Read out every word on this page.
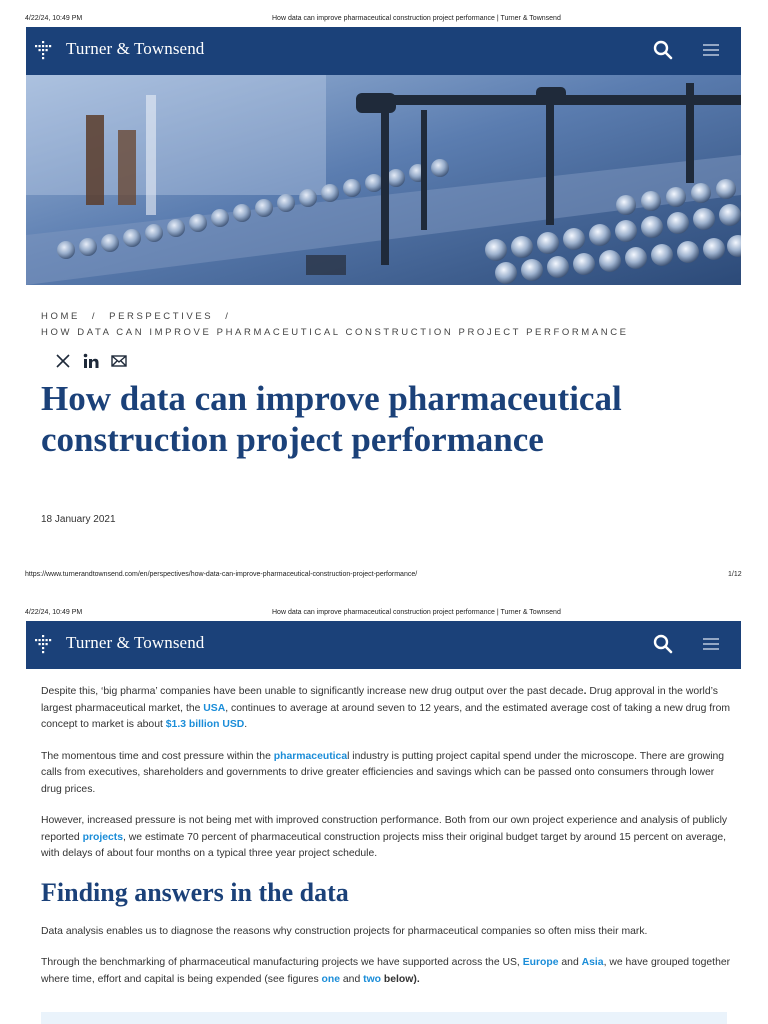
4/22/24, 10:49 PM	How data can improve pharmaceutical construction project performance | Turner & Townsend
Turner & Townsend
HOME / PERSPECTIVES /
HOW DATA CAN IMPROVE PHARMACEUTICAL CONSTRUCTION PROJECT PERFORMANCE
How data can improve pharmaceutical construction project performance
18 January 2021
https://www.turnerandtownsend.com/en/perspectives/how-data-can-improve-pharmaceutical-construction-project-performance/	1/12
4/22/24, 10:49 PM	How data can improve pharmaceutical construction project performance | Turner & Townsend
Turner & Townsend

Despite this, ‘big pharma’ companies have been unable to significantly increase new drug output over the past decade. Drug approval in the world’s largest pharmaceutical market, the USA, continues to average at around seven to 12 years, and the estimated average cost of taking a new drug from concept to market is about $1.3 billion USD.

The momentous time and cost pressure within the pharmaceutical industry is putting project capital spend under the microscope. There are growing calls from executives, shareholders and governments to drive greater efficiencies and savings which can be passed onto consumers through lower drug prices.

However, increased pressure is not being met with improved construction performance. Both from our own project experience and analysis of publicly reported projects, we estimate 70 percent of pharmaceutical construction projects miss their original budget target by around 15 percent on average, with delays of about four months on a typical three year project schedule.

Finding answers in the data

Data analysis enables us to diagnose the reasons why construction projects for pharmaceutical companies so often miss their mark.

Through the benchmarking of pharmaceutical manufacturing projects we have supported across the US, Europe and Asia, we have grouped together where time, effort and capital is being expended (see figures one and two below).
